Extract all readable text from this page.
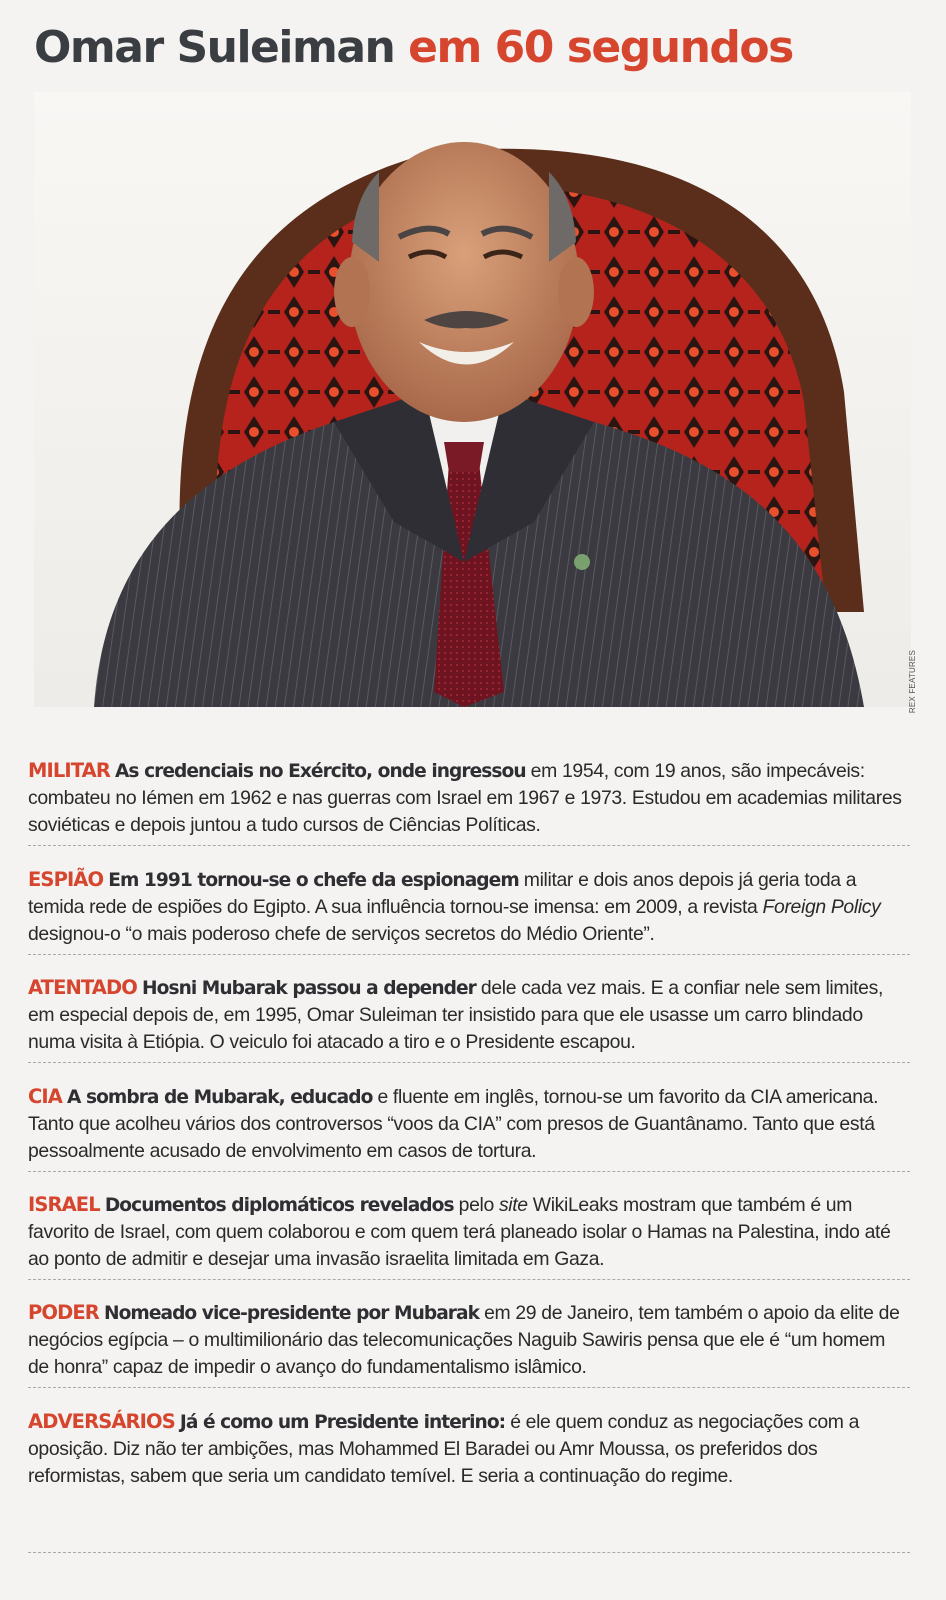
Omar Suleiman em 60 segundos
REX FEATURES

MILITAR As credenciais no Exército, onde ingressou em 1954, com 19 anos, são impecáveis: combateu no Iémen em 1962 e nas guerras com Israel em 1967 e 1973. Estudou em academias militares soviéticas e depois juntou a tudo cursos de Ciências Políticas.

ESPIÃO Em 1991 tornou-se o chefe da espionagem militar e dois anos depois já geria toda a temida rede de espiões do Egipto. A sua influência tornou-se imensa: em 2009, a revista Foreign Policy designou-o “o mais poderoso chefe de serviços secretos do Médio Oriente”.

ATENTADO Hosni Mubarak passou a depender dele cada vez mais. E a confiar nele sem limites, em especial depois de, em 1995, Omar Suleiman ter insistido para que ele usasse um carro blindado numa visita à Etiópia. O veiculo foi atacado a tiro e o Presidente escapou.

CIA A sombra de Mubarak, educado e fluente em inglês, tornou-se um favorito da CIA americana. Tanto que acolheu vários dos controversos “voos da CIA” com presos de Guantânamo. Tanto que está pessoalmente acusado de envolvimento em casos de tortura.

ISRAEL Documentos diplomáticos revelados pelo site WikiLeaks mostram que também é um favorito de Israel, com quem colaborou e com quem terá planeado isolar o Hamas na Palestina, indo até ao ponto de admitir e desejar uma invasão israelita limitada em Gaza.

PODER Nomeado vice-presidente por Mubarak em 29 de Janeiro, tem também o apoio da elite de negócios egípcia – o multimilionário das telecomunicações Naguib Sawiris pensa que ele é “um homem de honra” capaz de impedir o avanço do fundamentalismo islâmico.

ADVERSÁRIOS Já é como um Presidente interino: é ele quem conduz as negociações com a oposição. Diz não ter ambições, mas Mohammed El Baradei ou Amr Moussa, os preferidos dos reformistas, sabem que seria um candidato temível. E seria a continuação do regime.
